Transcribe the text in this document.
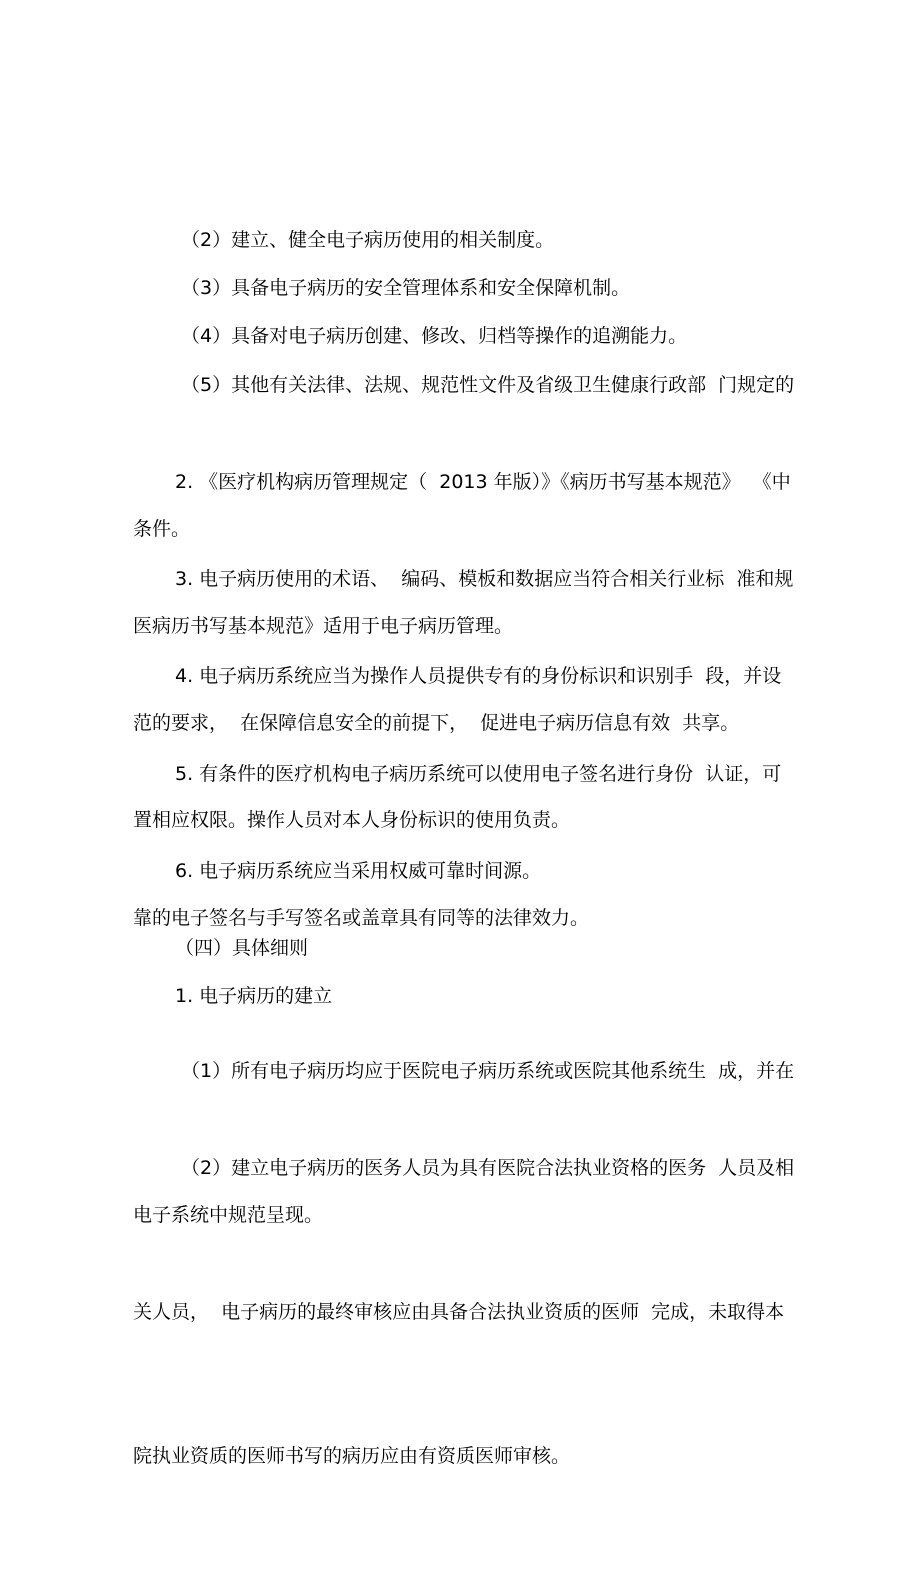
（2）建立、健全电子病历使用的相关制度。

（3）具备电子病历的安全管理体系和安全保障机制。

（4）具备对电子病历创建、修改、归档等操作的追溯能力。

（5）其他有关法律、法规、规范性文件及省级卫生健康行政部  门规定的

条件。

2. 《医疗机构病历管理规定（  2013 年版）》《病历书写基本规范》  《中

医病历书写基本规范》适用于电子病历管理。

3. 电子病历使用的术语、  编码、模板和数据应当符合相关行业标  准和规

范的要求，  在保障信息安全的前提下，  促进电子病历信息有效  共享。

4. 电子病历系统应当为操作人员提供专有的身份标识和识别手  段，并设

置相应权限。操作人员对本人身份标识的使用负责。

5. 有条件的医疗机构电子病历系统可以使用电子签名进行身份  认证，可

靠的电子签名与手写签名或盖章具有同等的法律效力。

6. 电子病历系统应当采用权威可靠时间源。

（四）具体细则

1. 电子病历的建立

（1）所有电子病历均应于医院电子病历系统或医院其他系统生  成，并在

电子系统中规范呈现。

（2）建立电子病历的医务人员为具有医院合法执业资格的医务  人员及相

关人员，  电子病历的最终审核应由具备合法执业资质的医师  完成，未取得本

院执业资质的医师书写的病历应由有资质医师审核。
